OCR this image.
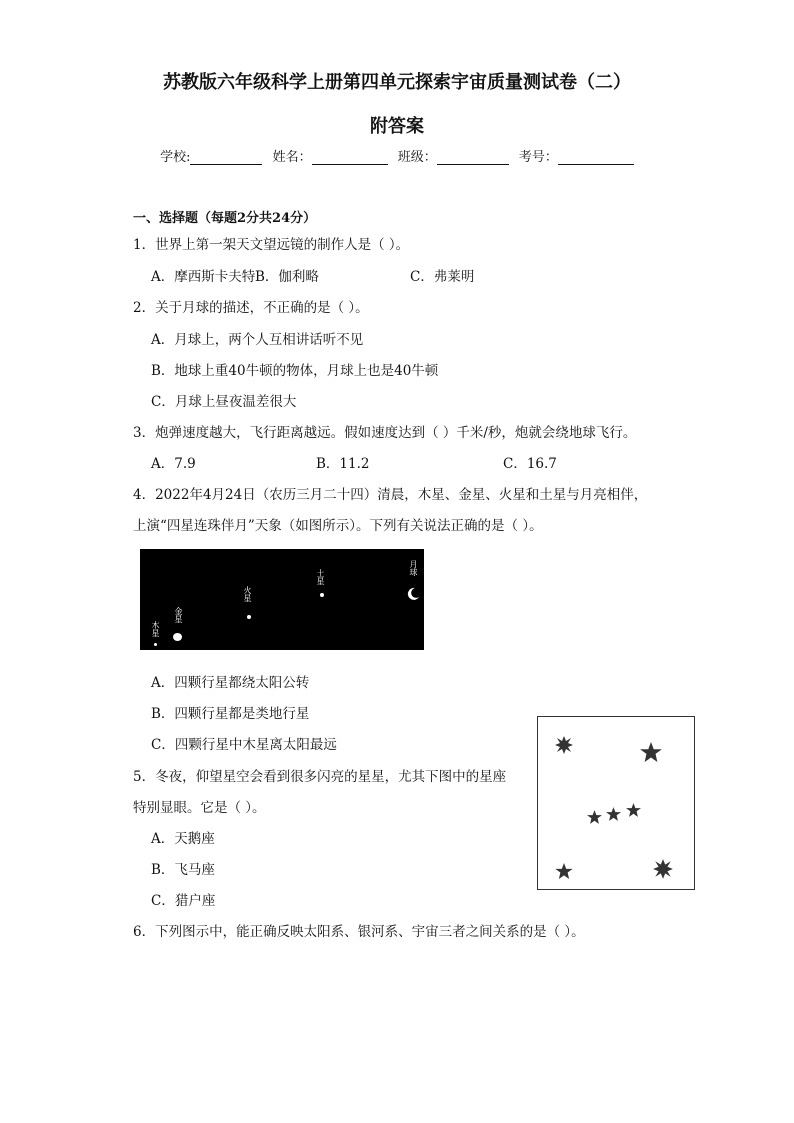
苏教版六年级科学上册第四单元探索宇宙质量测试卷（二）
附答案
学校:	姓名：	班级：	考号：
一、选择题（每题2分共24分）
1．世界上第一架天文望远镜的制作人是（ ）。
A．摩西斯卡夫特 B．伽利略	C．弗莱明
2．关于月球的描述，不正确的是（ ）。
A．月球上，两个人互相讲话听不见
B．地球上重40牛顿的物体，月球上也是40牛顿
C．月球上昼夜温差很大
3．炮弹速度越大，飞行距离越远。假如速度达到（ ）千米/秒，炮就会绕地球飞行。
A．7.9	B．11.2	C．16.7
4．2022年4月24日（农历三月二十四）清晨，木星、金星、火星和土星与月亮相伴，
上演“四星连珠伴月”天象（如图所示）。下列有关说法正确的是（ ）。
木星
金星
火星
土星
月球
A．四颗行星都绕太阳公转
B．四颗行星都是类地行星
C．四颗行星中木星离太阳最远
5．冬夜，仰望星空会看到很多闪亮的星星，尤其下图中的星座
特别显眼。它是（ ）。
A．天鹅座
B．飞马座
C．猎户座
6．下列图示中，能正确反映太阳系、银河系、宇宙三者之间关系的是（ ）。
